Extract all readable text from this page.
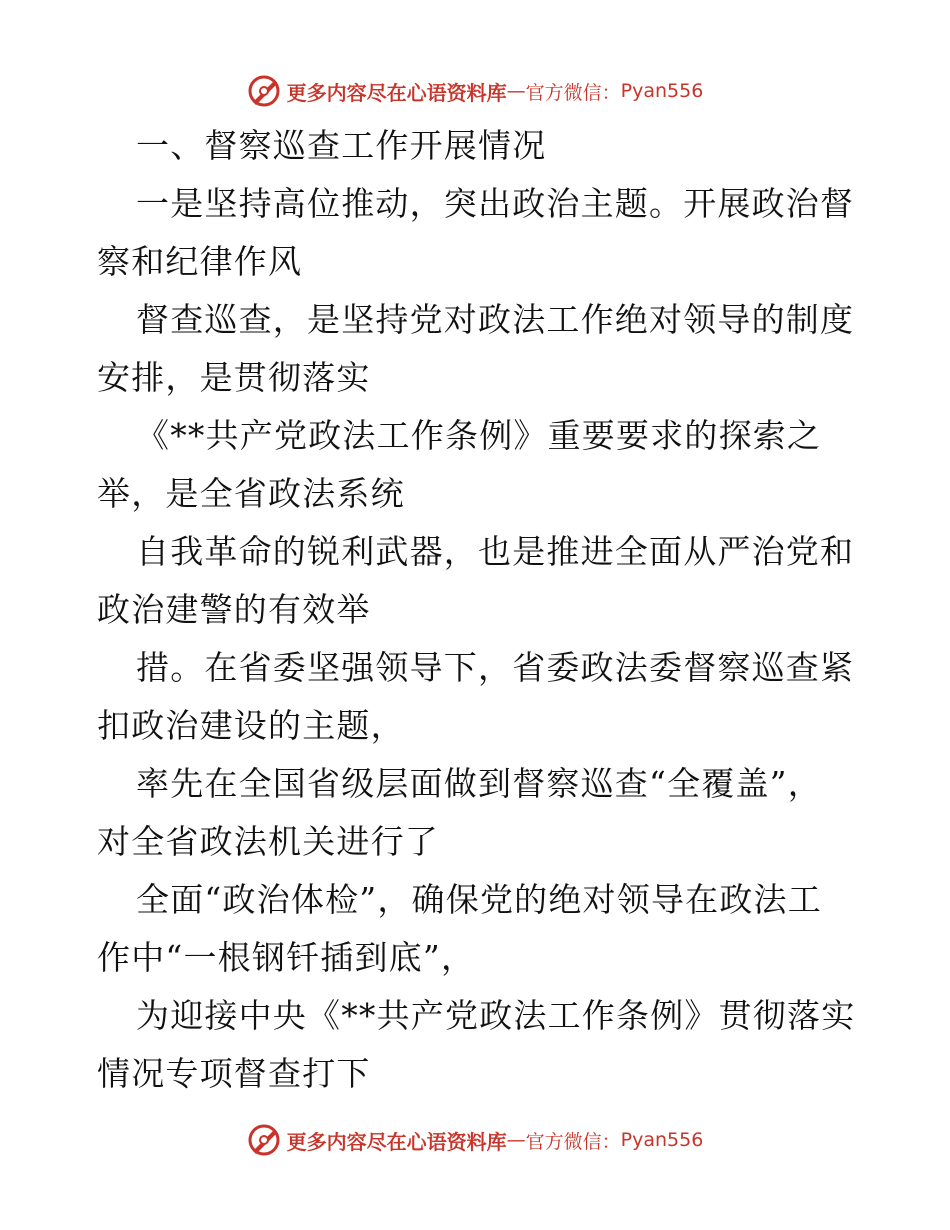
更多内容尽在心语资料库 — 官方微信： Pyan556
一、督察巡查工作开展情况
一是坚持高位推动，突出政治主题。开展政治督
察和纪律作风
督查巡查，是坚持党对政法工作绝对领导的制度
安排，是贯彻落实
《**共产党政法工作条例》重要要求的探索之
举，是全省政法系统
自我革命的锐利武器，也是推进全面从严治党和
政治建警的有效举
措。在省委坚强领导下，省委政法委督察巡查紧
扣政治建设的主题，
率先在全国省级层面做到督察巡查“全覆盖”，
对全省政法机关进行了
全面“政治体检”，确保党的绝对领导在政法工
作中“一根钢钎插到底”，
为迎接中央《**共产党政法工作条例》贯彻落实
情况专项督查打下
更多内容尽在心语资料库 — 官方微信： Pyan556
